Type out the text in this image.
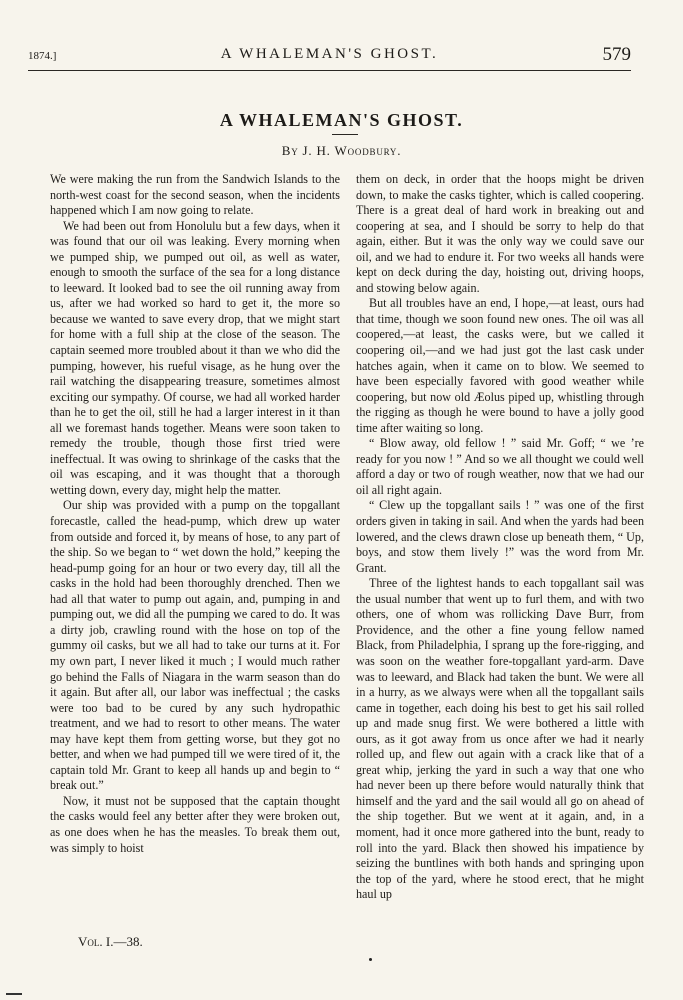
1874.]	A WHALEMAN'S GHOST.	579
A WHALEMAN'S GHOST.
By J. H. Woodbury.

We were making the run from the Sandwich Islands to the north-west coast for the second season, when the incidents happened which I am now going to relate.

We had been out from Honolulu but a few days, when it was found that our oil was leaking. Every morning when we pumped ship, we pumped out oil, as well as water, enough to smooth the surface of the sea for a long distance to leeward. It looked bad to see the oil running away from us, after we had worked so hard to get it, the more so because we wanted to save every drop, that we might start for home with a full ship at the close of the season. The captain seemed more troubled about it than we who did the pumping, however, his rueful visage, as he hung over the rail watching the disappearing treasure, sometimes almost exciting our sympathy. Of course, we had all worked harder than he to get the oil, still he had a larger interest in it than all we foremast hands together. Means were soon taken to remedy the trouble, though those first tried were ineffectual. It was owing to shrinkage of the casks that the oil was escaping, and it was thought that a thorough wetting down, every day, might help the matter.

Our ship was provided with a pump on the topgallant forecastle, called the head-pump, which drew up water from outside and forced it, by means of hose, to any part of the ship. So we began to “ wet down the hold,” keeping the head-pump going for an hour or two every day, till all the casks in the hold had been thoroughly drenched. Then we had all that water to pump out again, and, pumping in and pumping out, we did all the pumping we cared to do. It was a dirty job, crawling round with the hose on top of the gummy oil casks, but we all had to take our turns at it. For my own part, I never liked it much ; I would much rather go behind the Falls of Niagara in the warm season than do it again. But after all, our labor was ineffectual ; the casks were too bad to be cured by any such hydropathic treatment, and we had to resort to other means. The water may have kept them from getting worse, but they got no better, and when we had pumped till we were tired of it, the captain told Mr. Grant to keep all hands up and begin to “ break out.”

Now, it must not be supposed that the captain thought the casks would feel any better after they were broken out, as one does when he has the measles. To break them out, was simply to hoist

them on deck, in order that the hoops might be driven down, to make the casks tighter, which is called coopering. There is a great deal of hard work in breaking out and coopering at sea, and I should be sorry to help do that again, either. But it was the only way we could save our oil, and we had to endure it. For two weeks all hands were kept on deck during the day, hoisting out, driving hoops, and stowing below again.

But all troubles have an end, I hope,—at least, ours had that time, though we soon found new ones. The oil was all coopered,—at least, the casks were, but we called it coopering oil,—and we had just got the last cask under hatches again, when it came on to blow. We seemed to have been especially favored with good weather while coopering, but now old Æolus piped up, whistling through the rigging as though he were bound to have a jolly good time after waiting so long.

“ Blow away, old fellow ! ” said Mr. Goff; “ we ’re ready for you now ! ” And so we all thought we could well afford a day or two of rough weather, now that we had our oil all right again.

“ Clew up the topgallant sails ! ” was one of the first orders given in taking in sail. And when the yards had been lowered, and the clews drawn close up beneath them, “ Up, boys, and stow them lively !” was the word from Mr. Grant.

Three of the lightest hands to each topgallant sail was the usual number that went up to furl them, and with two others, one of whom was rollicking Dave Burr, from Providence, and the other a fine young fellow named Black, from Philadelphia, I sprang up the fore-rigging, and was soon on the weather fore-topgallant yard-arm. Dave was to leeward, and Black had taken the bunt. We were all in a hurry, as we always were when all the topgallant sails came in together, each doing his best to get his sail rolled up and made snug first. We were bothered a little with ours, as it got away from us once after we had it nearly rolled up, and flew out again with a crack like that of a great whip, jerking the yard in such a way that one who had never been up there before would naturally think that himself and the yard and the sail would all go on ahead of the ship together. But we went at it again, and, in a moment, had it once more gathered into the bunt, ready to roll into the yard. Black then showed his impatience by seizing the buntlines with both hands and springing upon the top of the yard, where he stood erect, that he might haul up

Vol. I.—38.
